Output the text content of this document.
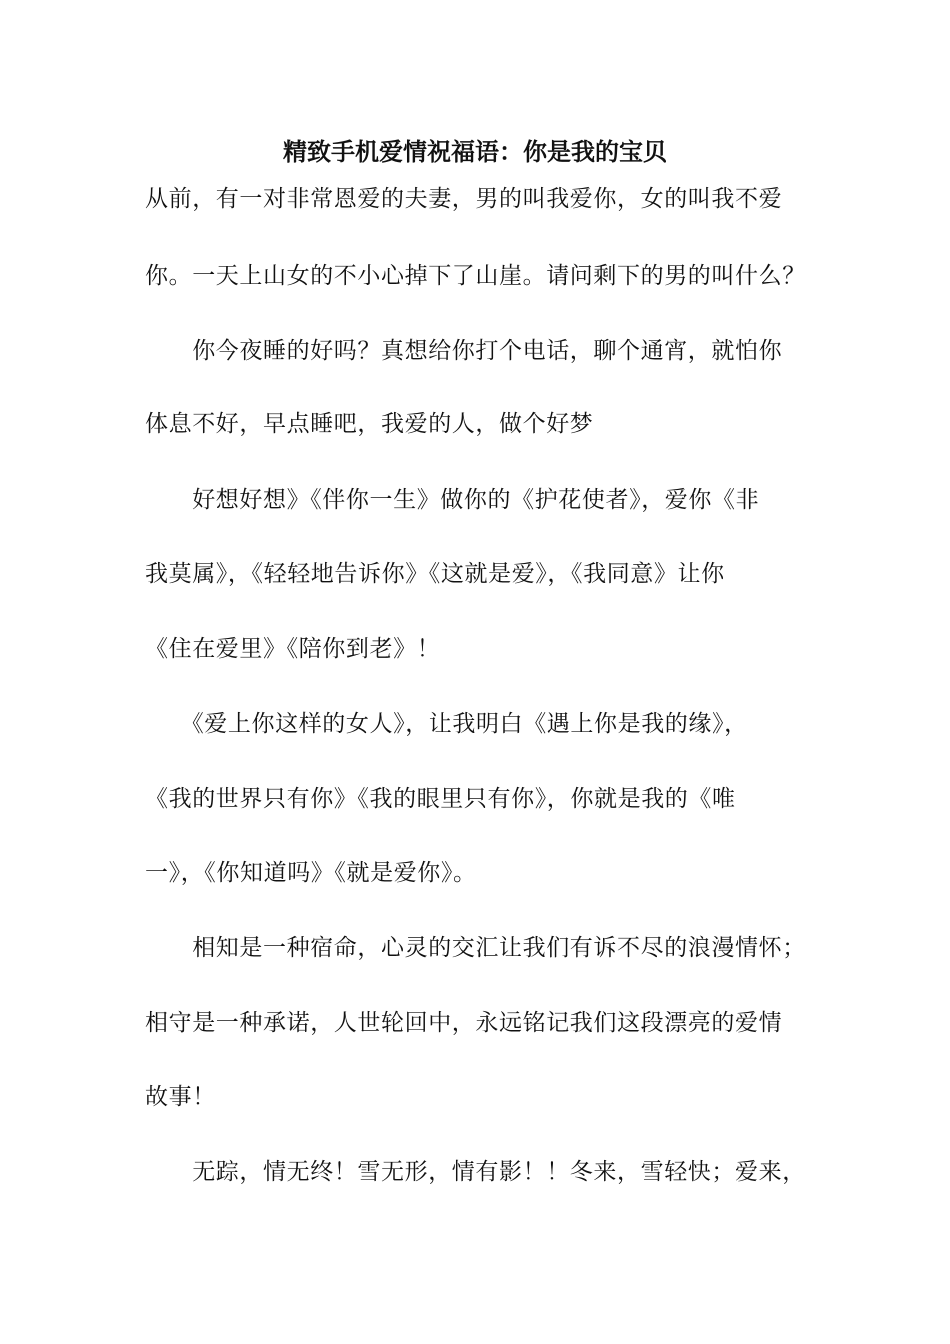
精致手机爱情祝福语：你是我的宝贝
从前，有一对非常恩爱的夫妻，男的叫我爱你，女的叫我不爱
你。一天上山女的不小心掉下了山崖。请问剩下的男的叫什么？
　　你今夜睡的好吗？真想给你打个电话，聊个通宵，就怕你
体息不好，早点睡吧，我爱的人，做个好梦
　　好想好想》《伴你一生》做你的《护花使者》，爱你《非
我莫属》，《轻轻地告诉你》《这就是爱》，《我同意》让你
《住在爱里》《陪你到老》！
　　《爱上你这样的女人》，让我明白《遇上你是我的缘》，
《我的世界只有你》《我的眼里只有你》，你就是我的《唯
一》，《你知道吗》《就是爱你》。
　　相知是一种宿命，心灵的交汇让我们有诉不尽的浪漫情怀；
相守是一种承诺，人世轮回中，永远铭记我们这段漂亮的爱情
故事！
　　无踪，情无终！雪无形，情有影！！冬来，雪轻快；爱来，
